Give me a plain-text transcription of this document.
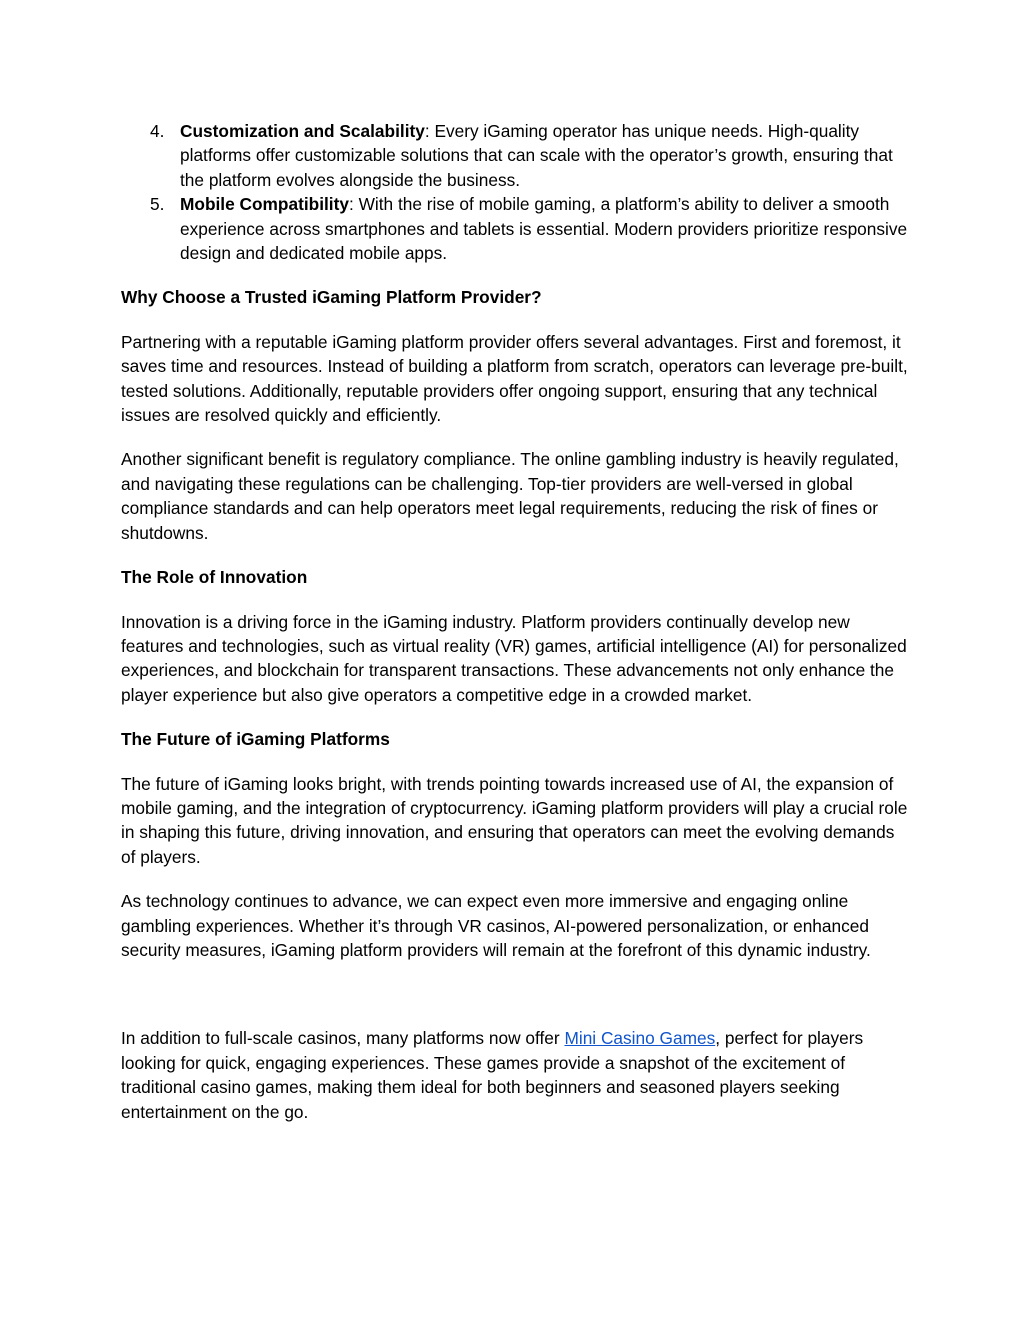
4. Customization and Scalability: Every iGaming operator has unique needs. High-quality platforms offer customizable solutions that can scale with the operator’s growth, ensuring that the platform evolves alongside the business.
5. Mobile Compatibility: With the rise of mobile gaming, a platform’s ability to deliver a smooth experience across smartphones and tablets is essential. Modern providers prioritize responsive design and dedicated mobile apps.

Why Choose a Trusted iGaming Platform Provider?

Partnering with a reputable iGaming platform provider offers several advantages. First and foremost, it saves time and resources. Instead of building a platform from scratch, operators can leverage pre-built, tested solutions. Additionally, reputable providers offer ongoing support, ensuring that any technical issues are resolved quickly and efficiently.

Another significant benefit is regulatory compliance. The online gambling industry is heavily regulated, and navigating these regulations can be challenging. Top-tier providers are well-versed in global compliance standards and can help operators meet legal requirements, reducing the risk of fines or shutdowns.

The Role of Innovation

Innovation is a driving force in the iGaming industry. Platform providers continually develop new features and technologies, such as virtual reality (VR) games, artificial intelligence (AI) for personalized experiences, and blockchain for transparent transactions. These advancements not only enhance the player experience but also give operators a competitive edge in a crowded market.

The Future of iGaming Platforms

The future of iGaming looks bright, with trends pointing towards increased use of AI, the expansion of mobile gaming, and the integration of cryptocurrency. iGaming platform providers will play a crucial role in shaping this future, driving innovation, and ensuring that operators can meet the evolving demands of players.

As technology continues to advance, we can expect even more immersive and engaging online gambling experiences. Whether it’s through VR casinos, AI-powered personalization, or enhanced security measures, iGaming platform providers will remain at the forefront of this dynamic industry.

In addition to full-scale casinos, many platforms now offer Mini Casino Games, perfect for players looking for quick, engaging experiences. These games provide a snapshot of the excitement of traditional casino games, making them ideal for both beginners and seasoned players seeking entertainment on the go.
